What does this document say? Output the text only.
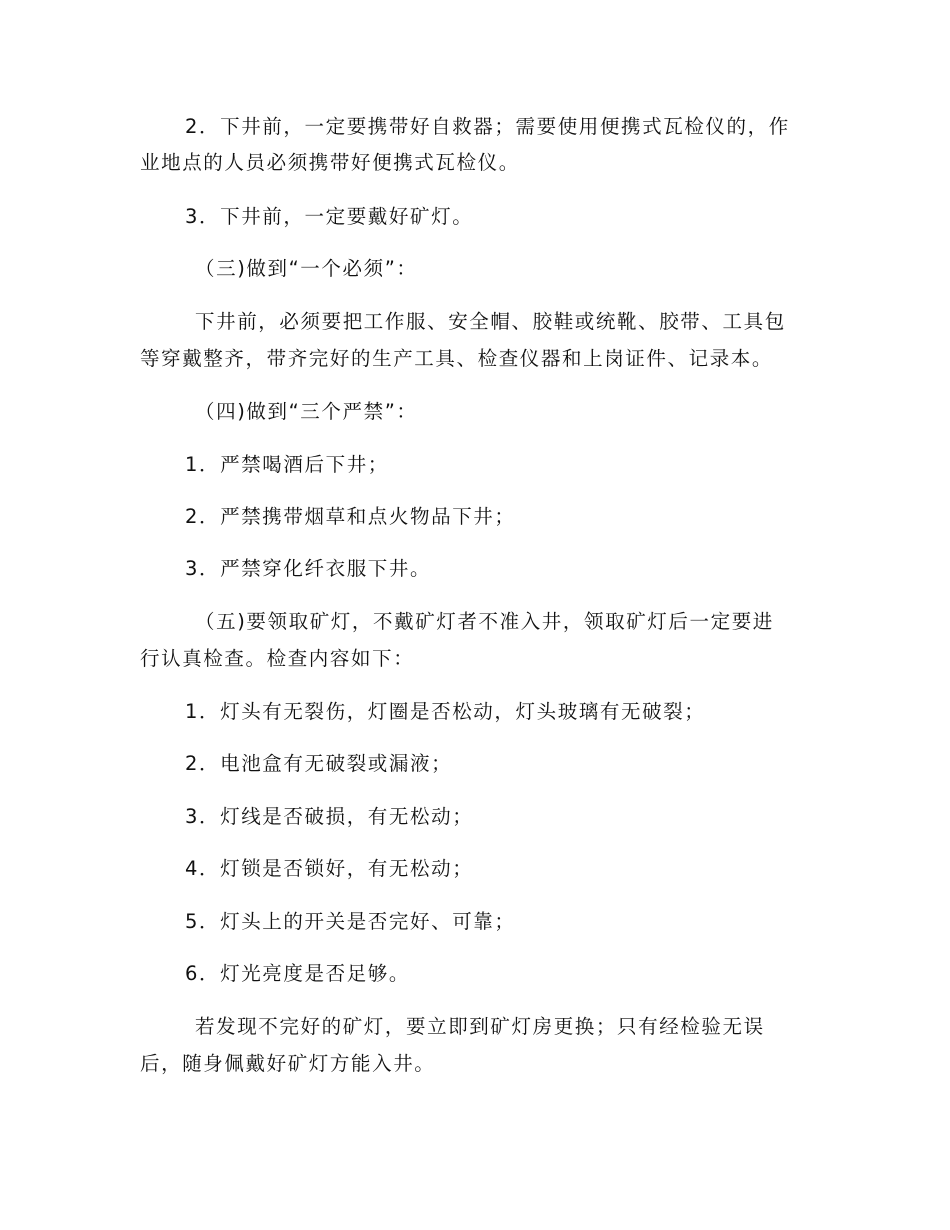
2．下井前，一定要携带好自救器；需要使用便携式瓦检仪的，作
业地点的人员必须携带好便携式瓦检仪。
3．下井前，一定要戴好矿灯。
（三)做到“一个必须”：
下井前，必须要把工作服、安全帽、胶鞋或统靴、胶带、工具包
等穿戴整齐，带齐完好的生产工具、检查仪器和上岗证件、记录本。
（四)做到“三个严禁”：
1．严禁喝酒后下井；
2．严禁携带烟草和点火物品下井；
3．严禁穿化纤衣服下井。
（五)要领取矿灯，不戴矿灯者不准入井，领取矿灯后一定要进
行认真检查。检查内容如下：
1．灯头有无裂伤，灯圈是否松动，灯头玻璃有无破裂；
2．电池盒有无破裂或漏液；
3．灯线是否破损，有无松动；
4．灯锁是否锁好，有无松动；
5．灯头上的开关是否完好、可靠；
6．灯光亮度是否足够。
若发现不完好的矿灯，要立即到矿灯房更换；只有经检验无误
后，随身佩戴好矿灯方能入井。
